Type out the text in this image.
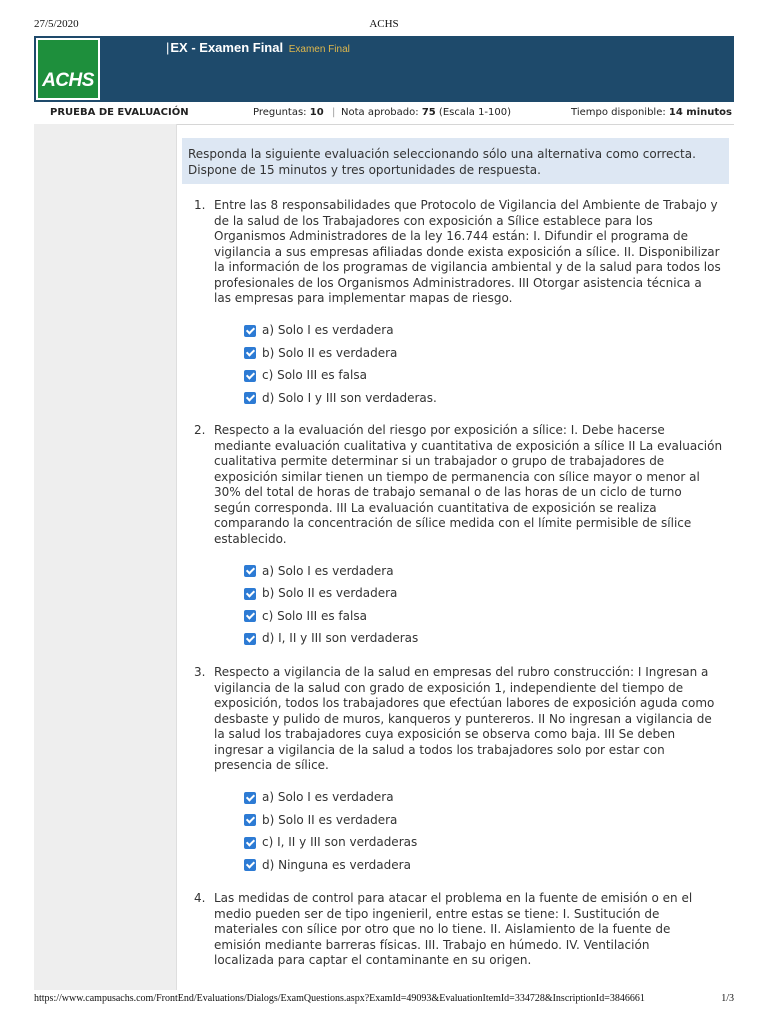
27/5/2020	ACHS
ACHS
|EX - Examen Final Examen Final
PRUEBA DE EVALUACIÓN	Preguntas: 10 | Nota aprobado: 75 (Escala 1-100)	Tiempo disponible: 14 minutos
Responda la siguiente evaluación seleccionando sólo una alternativa como correcta.
Dispone de 15 minutos y tres oportunidades de respuesta.
1. Entre las 8 responsabilidades que Protocolo de Vigilancia del Ambiente de Trabajo y
de la salud de los Trabajadores con exposición a Sílice establece para los
Organismos Administradores de la ley 16.744 están: I. Difundir el programa de
vigilancia a sus empresas afiliadas donde exista exposición a sílice. II. Disponibilizar
la información de los programas de vigilancia ambiental y de la salud para todos los
profesionales de los Organismos Administradores. III Otorgar asistencia técnica a
las empresas para implementar mapas de riesgo.
a) Solo I es verdadera
b) Solo II es verdadera
c) Solo III es falsa
d) Solo I y III son verdaderas.
2. Respecto a la evaluación del riesgo por exposición a sílice: I. Debe hacerse
mediante evaluación cualitativa y cuantitativa de exposición a sílice II La evaluación
cualitativa permite determinar si un trabajador o grupo de trabajadores de
exposición similar tienen un tiempo de permanencia con sílice mayor o menor al
30% del total de horas de trabajo semanal o de las horas de un ciclo de turno
según corresponda. III La evaluación cuantitativa de exposición se realiza
comparando la concentración de sílice medida con el límite permisible de sílice
establecido.
a) Solo I es verdadera
b) Solo II es verdadera
c) Solo III es falsa
d) I, II y III son verdaderas
3. Respecto a vigilancia de la salud en empresas del rubro construcción: I Ingresan a
vigilancia de la salud con grado de exposición 1, independiente del tiempo de
exposición, todos los trabajadores que efectúan labores de exposición aguda como
desbaste y pulido de muros, kanqueros y puntereros. II No ingresan a vigilancia de
la salud los trabajadores cuya exposición se observa como baja. III Se deben
ingresar a vigilancia de la salud a todos los trabajadores solo por estar con
presencia de sílice.
a) Solo I es verdadera
b) Solo II es verdadera
c) I, II y III son verdaderas
d) Ninguna es verdadera
4. Las medidas de control para atacar el problema en la fuente de emisión o en el
medio pueden ser de tipo ingenieril, entre estas se tiene: I. Sustitución de
materiales con sílice por otro que no lo tiene. II. Aislamiento de la fuente de
emisión mediante barreras físicas. III. Trabajo en húmedo. IV. Ventilación
localizada para captar el contaminante en su origen.
https://www.campusachs.com/FrontEnd/Evaluations/Dialogs/ExamQuestions.aspx?ExamId=49093&EvaluationItemId=334728&InscriptionId=3846661	1/3
